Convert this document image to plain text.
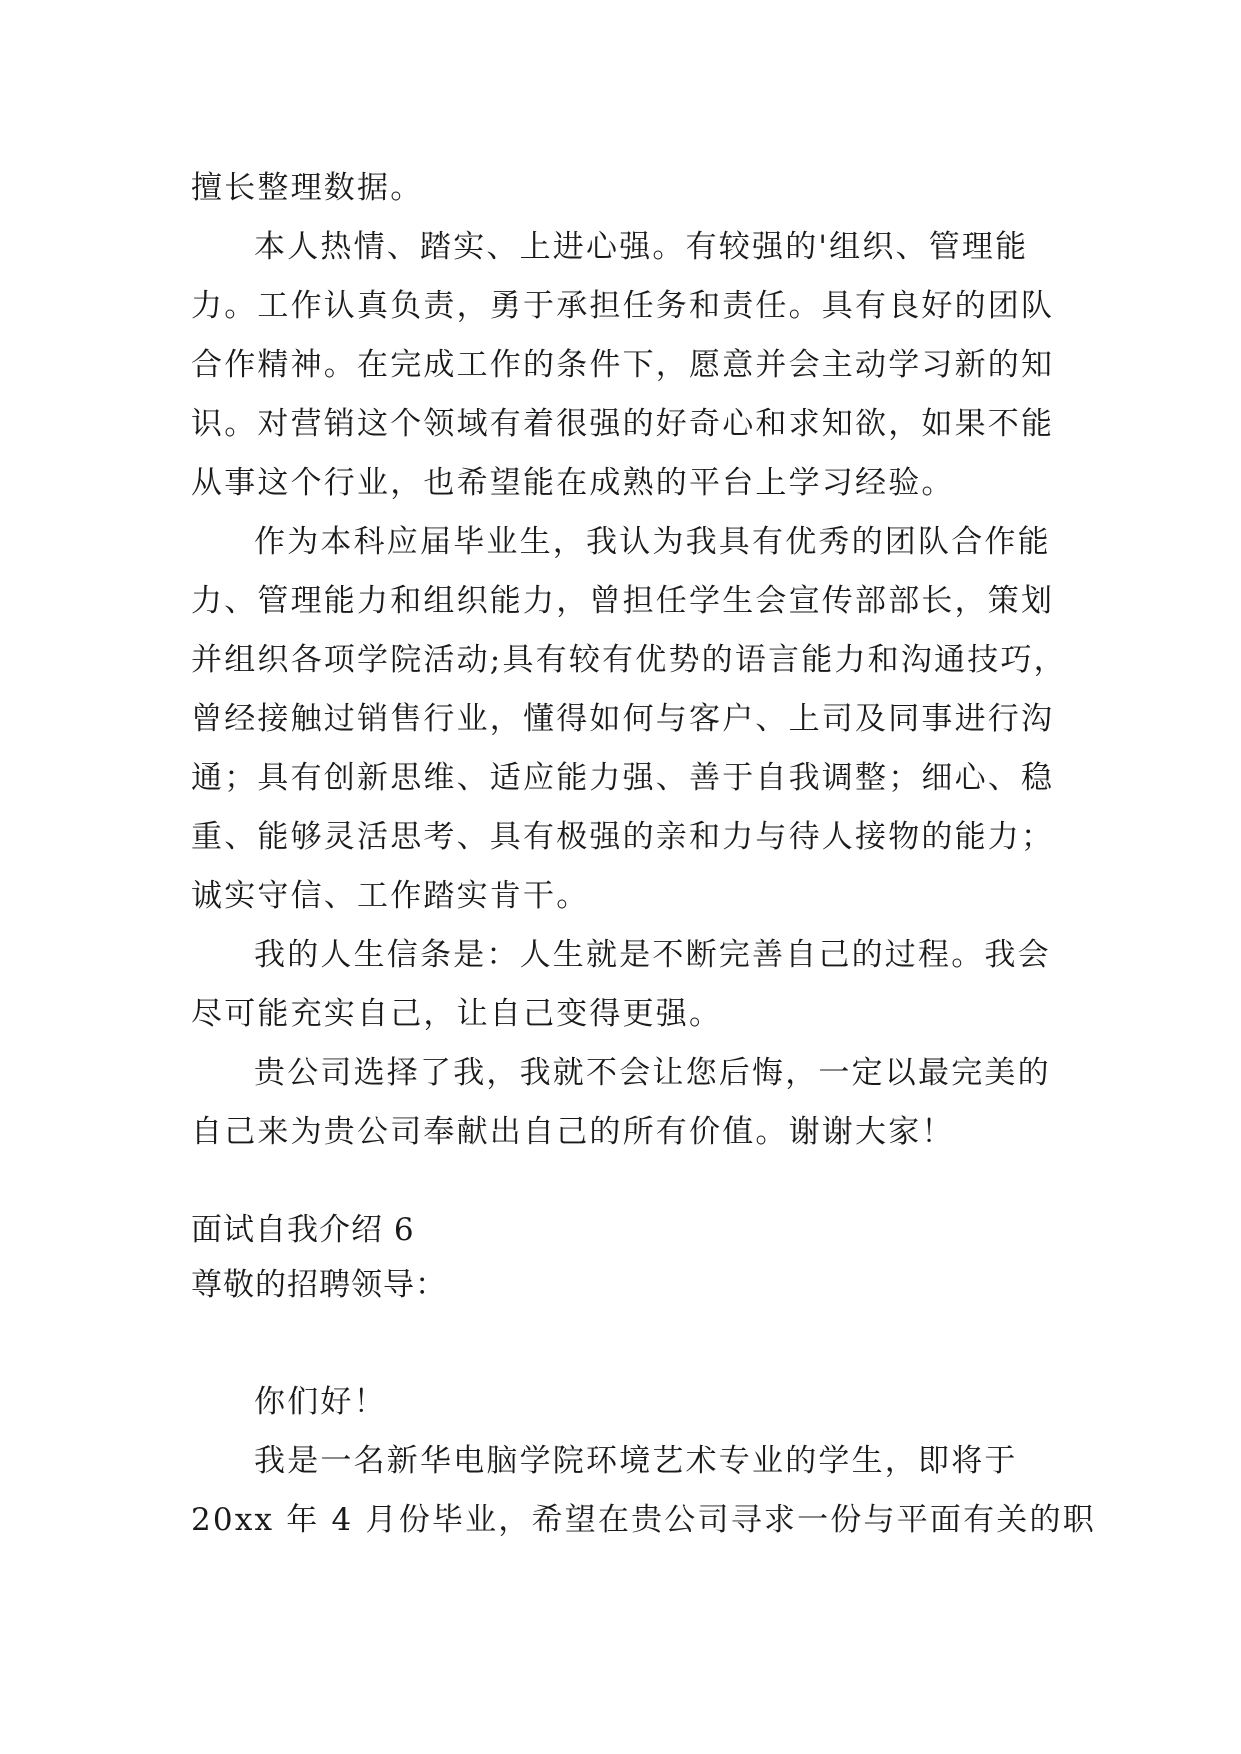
擅长整理数据。
本人热情、踏实、上进心强。有较强的'组织、管理能
力。工作认真负责，勇于承担任务和责任。具有良好的团队
合作精神。在完成工作的条件下，愿意并会主动学习新的知
识。对营销这个领域有着很强的好奇心和求知欲，如果不能
从事这个行业，也希望能在成熟的平台上学习经验。
作为本科应届毕业生，我认为我具有优秀的团队合作能
力、管理能力和组织能力，曾担任学生会宣传部部长，策划
并组织各项学院活动;具有较有优势的语言能力和沟通技巧，
曾经接触过销售行业，懂得如何与客户、上司及同事进行沟
通；具有创新思维、适应能力强、善于自我调整；细心、稳
重、能够灵活思考、具有极强的亲和力与待人接物的能力；
诚实守信、工作踏实肯干。
我的人生信条是：人生就是不断完善自己的过程。我会
尽可能充实自己，让自己变得更强。
贵公司选择了我，我就不会让您后悔，一定以最完美的
自己来为贵公司奉献出自己的所有价值。谢谢大家！
面试自我介绍 6
尊敬的招聘领导：
你们好！
我是一名新华电脑学院环境艺术专业的学生，即将于
20xx 年 4 月份毕业，希望在贵公司寻求一份与平面有关的职
